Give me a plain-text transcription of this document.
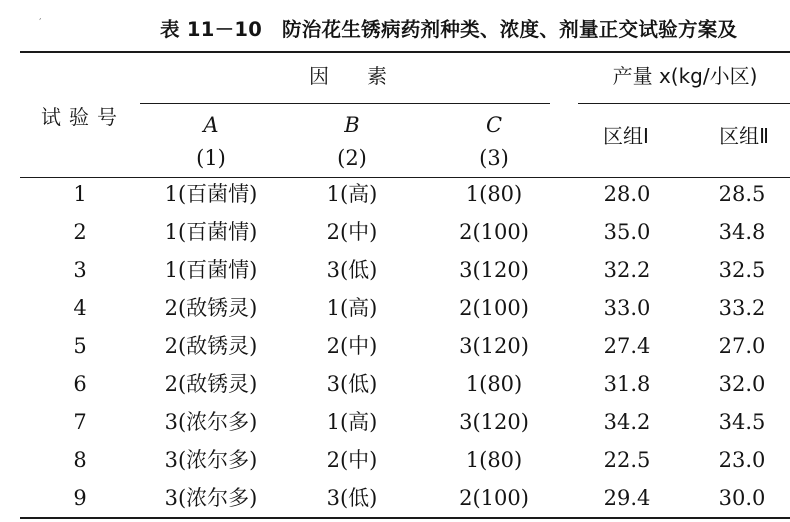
,
表 11－10　防治花生锈病药剂种类、浓度、剂量正交试验方案及
试验号
因素	产量 x(kg/小区)
A	B	C
(1)	(2)	(3)
区组Ⅰ	区组Ⅱ
1	1(百菌情)	1(高)	1(80)	28.0	28.5
2	1(百菌情)	2(中)	2(100)	35.0	34.8
3	1(百菌情)	3(低)	3(120)	32.2	32.5
4	2(敌锈灵)	1(高)	2(100)	33.0	33.2
5	2(敌锈灵)	2(中)	3(120)	27.4	27.0
6	2(敌锈灵)	3(低)	1(80)	31.8	32.0
7	3(浓尔多)	1(高)	3(120)	34.2	34.5
8	3(浓尔多)	2(中)	1(80)	22.5	23.0
9	3(浓尔多)	3(低)	2(100)	29.4	30.0
